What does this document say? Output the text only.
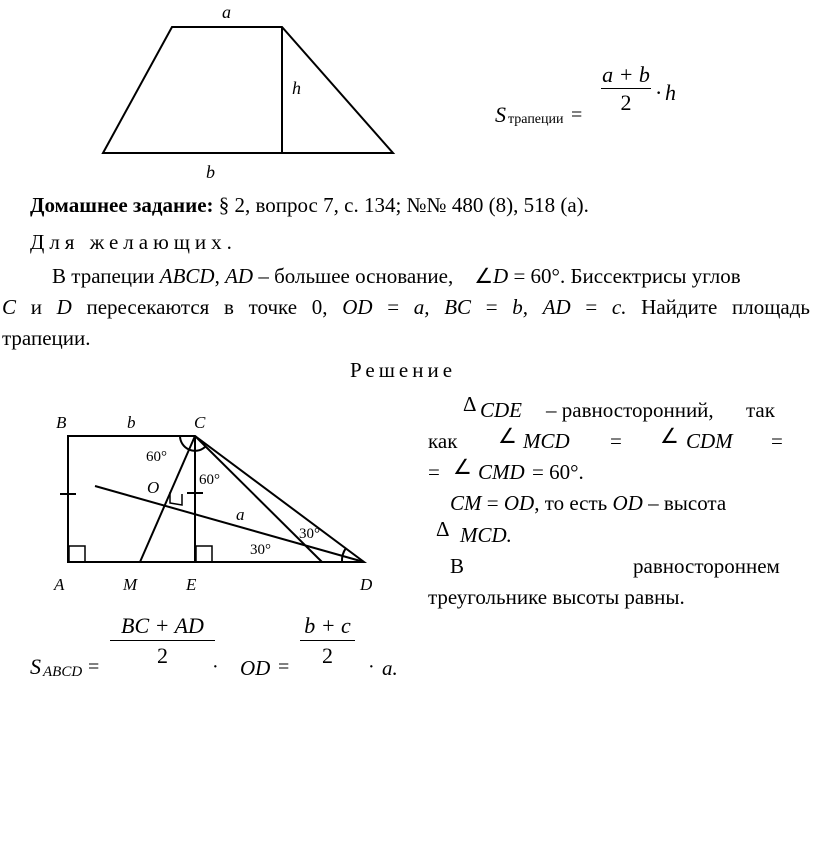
a
h
b
S трапеции =
a + b
2	· h
Домашнее задание: § 2, вопрос 7, с. 134; №№ 480 (8), 518 (а).
Для желающих.
В трапеции ABCD, AD – большее основание,    ∠D = 60°. Биссектрисы углов
C и D пересекаются в точке 0, OD = a, BC = b, AD = c. Найдите площадь
трапеции.
Решение
A	M	E	D
B	b	C
O
a
60°
60°
30°
30°
Δ CDE – равносторонний, так
как ∠ MCD = ∠ CDM =
= ∠ CMD = 60°.
CM = OD, то есть OD – высота
Δ MCD.
В	равностороннем
треугольнике высоты равны.
S ABCD =
BC + AD
2	· OD =
b + c
2	· a.
